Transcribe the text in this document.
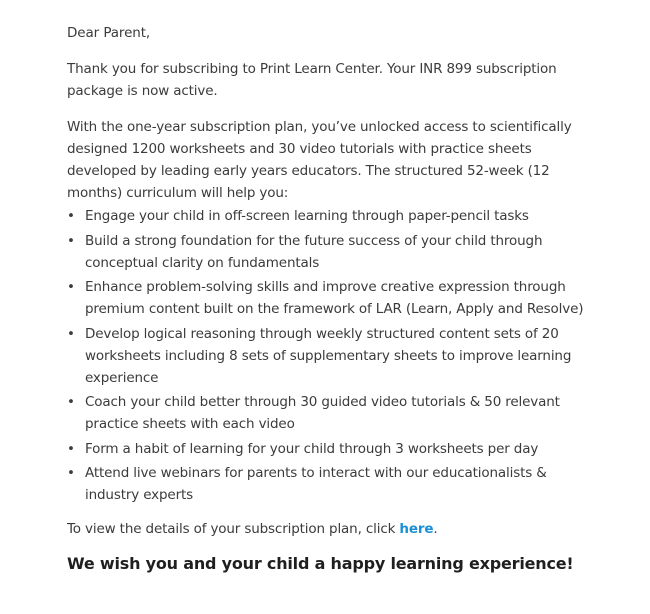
Dear Parent,

Thank you for subscribing to Print Learn Center. Your INR 899 subscription package is now active.

With the one-year subscription plan, you’ve unlocked access to scientifically designed 1200 worksheets and 30 video tutorials with practice sheets developed by leading early years educators. The structured 52-week (12 months) curriculum will help you:

• Engage your child in off-screen learning through paper-pencil tasks
• Build a strong foundation for the future success of your child through conceptual clarity on fundamentals
• Enhance problem-solving skills and improve creative expression through premium content built on the framework of LAR (Learn, Apply and Resolve)
• Develop logical reasoning through weekly structured content sets of 20 worksheets including 8 sets of supplementary sheets to improve learning experience
• Coach your child better through 30 guided video tutorials & 50 relevant practice sheets with each video
• Form a habit of learning for your child through 3 worksheets per day
• Attend live webinars for parents to interact with our educationalists & industry experts

To view the details of your subscription plan, click here.

We wish you and your child a happy learning experience!
